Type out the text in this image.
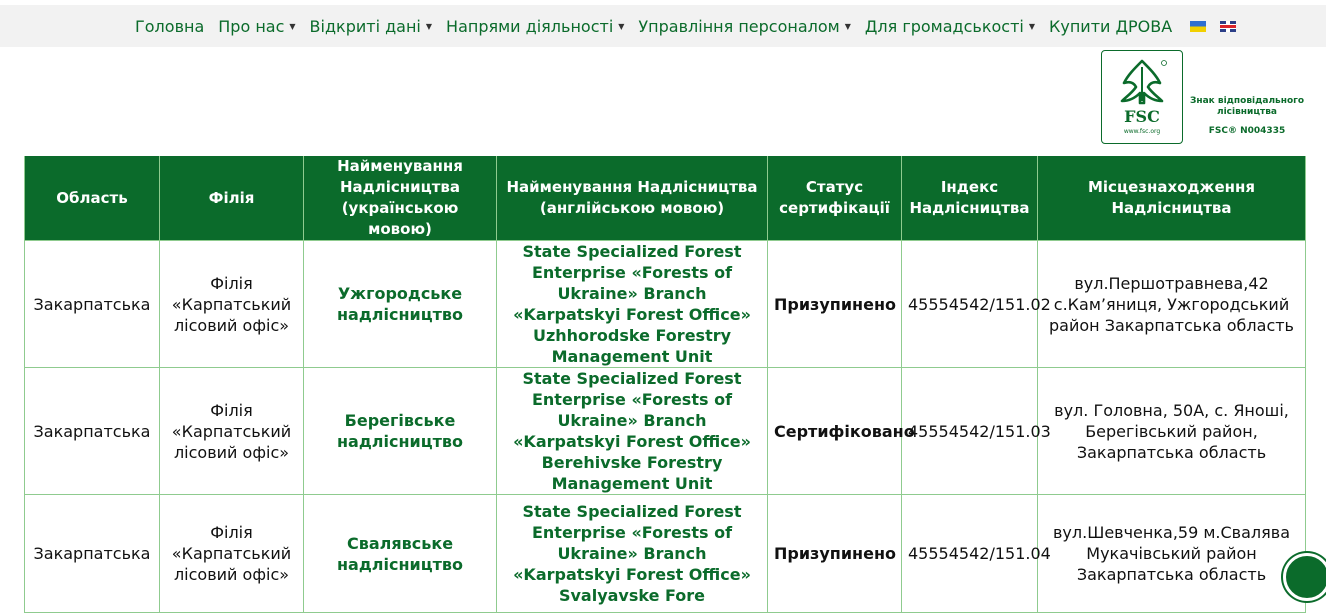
Головна Про нас ▼ Відкриті дані ▼ Напрями діяльності ▼ Управління персоналом ▼ Для громадськості ▼ Купити ДРОВА
FSC
www.fsc.org
Знак відповідального лісівництва
FSC® N004335
Область	Філія	Найменування Надлісництва (українською мовою)	Найменування Надлісництва (англійською мовою)	Статус сертифікації	Індекс Надлісництва	Місцезнаходження Надлісництва
Закарпатська	Філія «Карпатський лісовий офіс»	Ужгородське надлісництво	State Specialized Forest Enterprise «Forests of Ukraine» Branch «Karpatskyi Forest Office» Uzhhorodske Forestry Management Unit	Призупинено	45554542/151.02	вул.Першотравнева,42 с.Кам’яниця, Ужгородський район Закарпатська область
Закарпатська	Філія «Карпатський лісовий офіс»	Берегівське надлісництво	State Specialized Forest Enterprise «Forests of Ukraine» Branch «Karpatskyi Forest Office» Berehivske Forestry Management Unit	Сертифіковано	45554542/151.03	вул. Головна, 50А, с. Яноші, Берегівський район, Закарпатська область
Закарпатська	Філія «Карпатський лісовий офіс»	Свалявське надлісництво	State Specialized Forest Enterprise «Forests of Ukraine» Branch «Karpatskyi Forest Office» Svalyavske Fore	Призупинено	45554542/151.04	вул.Шевченка,59 м.Свалява Мукачівський район Закарпатська область
